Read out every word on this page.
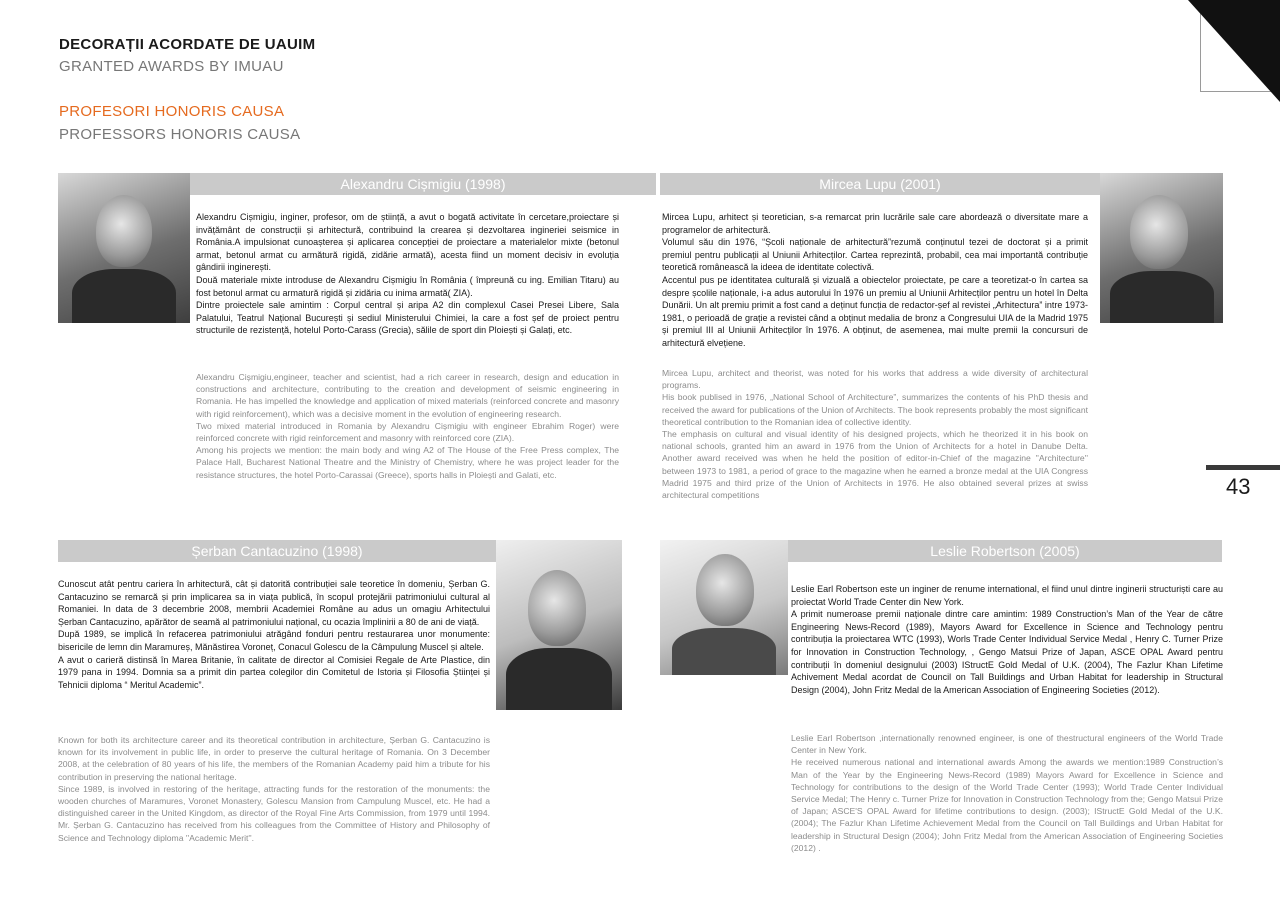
DECORAȚII ACORDATE DE UAUIM
GRANTED AWARDS BY IMUAU
PROFESORI HONORIS CAUSA
PROFESSORS HONORIS CAUSA
43
Alexandru Cișmigiu (1998)

Alexandru Cișmigiu, inginer, profesor, om de știință, a avut o bogată activitate în cercetare,proiectare și invățământ de construcții și arhitectură, contribuind la crearea și dezvoltarea ingineriei seismice in România.A impulsionat cunoașterea și aplicarea concepției de proiectare a materialelor mixte (betonul armat, betonul armat cu armătură rigidă, zidărie armată), acesta fiind un moment decisiv in evoluția gândirii inginerești.

Două materiale mixte introduse de Alexandru Cișmigiu în România ( împreună cu ing. Emilian Titaru) au fost betonul armat cu armatură rigidă și zidăria cu inima armată( ZIA).

Dintre proiectele sale amintim : Corpul central și aripa A2 din complexul Casei Presei Libere, Sala Palatului, Teatrul Național București și sediul Ministerului Chimiei, la care a fost șef de proiect pentru structurile de rezistență, hotelul Porto-Carass (Grecia), sălile de sport din Ploiești și Galați, etc.

Alexandru Cișmigiu,engineer, teacher and scientist, had a rich career in research, design and education in constructions and architecture, contributing to the creation and development of seismic engineering in Romania. He has impelled the knowledge and application of mixed materials (reinforced concrete and masonry with rigid reinforcement), which was a decisive moment in the evolution of engineering research.

Two mixed material introduced in Romania by Alexandru Cișmigiu with engineer Ebrahim Roger) were reinforced concrete with rigid reinforcement and masonry with reinforced core (ZIA).

Among his projects we mention: the main body and wing A2 of The House of the Free Press complex, The Palace Hall, Bucharest National Theatre and the Ministry of Chemistry, where he was project leader for the resistance structures, the hotel Porto-Carassai (Greece), sports halls in Ploiești and Galati, etc.

Mircea Lupu (2001)

Mircea Lupu, arhitect și teoretician, s-a remarcat prin lucrările sale care abordează o diversitate mare a programelor de arhitectură.

Volumul său din 1976, “Școli naționale de arhitectură”rezumă conținutul tezei de doctorat și a primit premiul pentru publicații al Uniunii Arhitecților. Cartea reprezintă, probabil, cea mai importantă contribuție teoretică românească la ideea de identitate colectivă.

Accentul pus pe identitatea culturală și vizuală a obiectelor proiectate, pe care a teoretizat-o în cartea sa despre școlile naționale, i-a adus autorului în 1976 un premiu al Uniunii Arhitecților pentru un hotel în Delta Dunării. Un alt premiu primit a fost cand a deținut funcția de redactor-șef al revistei „Arhitectura” intre 1973-1981, o perioadă de grație a revistei când a obținut medalia de bronz a Congresului UIA de la Madrid 1975 și premiul III al Uniunii Arhitecților în 1976. A obținut, de asemenea, mai multe premii la concursuri de arhitectură elvețiene.

Mircea Lupu, architect and theorist, was noted for his works that address a wide diversity of architectural programs.

His book publised in 1976, „National School of Architecture”, summarizes the contents of his PhD thesis and received the award for publications of the Union of Architects. The book represents probably the most significant theoretical contribution to the Romanian idea of collective identity.

The emphasis on cultural and visual identity of his designed projects, which he theorized it in his book on national schools, granted him an award in 1976 from the Union of Architects for a hotel in Danube Delta. Another award received was when he held the position of editor-in-Chief of the magazine ''Architecture'' between 1973 to 1981, a period of grace to the magazine when he earned a bronze medal at the UIA Congress Madrid 1975 and third prize of the Union of Architects in 1976. He also obtained several prizes at swiss architectural competitions

Șerban Cantacuzino (1998)

Cunoscut atât pentru cariera în arhitectură, cât și datorită contribuției sale teoretice în domeniu, Șerban G. Cantacuzino se remarcă și prin implicarea sa in viața publică, în scopul protejării patrimoniului cultural al Romaniei. In data de 3 decembrie 2008, membrii Academiei Române au adus un omagiu Arhitectului Șerban Cantacuzino, apărător de seamă al patrimoniului național, cu ocazia împlinirii a 80 de ani de viață.

După 1989, se implică în refacerea patrimoniului atrăgând fonduri pentru restaurarea unor monumente: bisericile de lemn din Maramureș, Mănăstirea Voroneț, Conacul Golescu de la Câmpulung Muscel și altele.

A avut o carieră distinsă în Marea Britanie, în calitate de director al Comisiei Regale de Arte Plastice, din 1979 pana in 1994. Domnia sa a primit din partea colegilor din Comitetul de Istoria și Filosofia Științei și Tehnicii diploma “ Meritul Academic”.

Known for both its architecture career and its theoretical contribution in architecture, Șerban G. Cantacuzino is known for its involvement in public life, in order to preserve the cultural heritage of Romania. On 3 December 2008, at the celebration of 80 years of his life, the members of the Romanian Academy paid him a tribute for his contribution in preserving the national heritage.

Since 1989, is involved in restoring of the heritage, attracting funds for the restoration of the monuments: the wooden churches of Maramures, Voronet Monastery, Golescu Mansion from Campulung Muscel, etc. He had a distinguished career in the United Kingdom, as director of the Royal Fine Arts Commission, from 1979 until 1994. Mr. Șerban G. Cantacuzino has received from his colleagues from the Committee of History and Philosophy of Science and Technology diploma ''Academic Merit''.

Leslie Robertson (2005)

Leslie Earl Robertson este un inginer de renume international, el fiind unul dintre inginerii structuriști care au proiectat World Trade Center din New York.

A primit numeroase premii naționale dintre care amintim: 1989 Construction’s Man of the Year de către Engineering News-Record (1989), Mayors Award for Excellence in Science and Technology pentru contribuția la proiectarea WTC (1993), Worls Trade Center Individual Service Medal , Henry C. Turner Prize for Innovation in Construction Technology, , Gengo Matsui Prize of Japan, ASCE OPAL Award pentru contribuții în domeniul designului (2003) IStructE Gold Medal of U.K. (2004), The Fazlur Khan Lifetime Achivement Medal acordat de Council on Tall Buildings and Urban Habitat for leadership in Structural Design (2004), John Fritz Medal de la American Association of Engineering Societies (2012).

Leslie Earl Robertson ,internationally renowned engineer, is one of thestructural engineers of the World Trade Center in New York.

He received numerous national and international awards Among the awards we mention:1989 Construction’s Man of the Year by the Engineering News-Record (1989) Mayors Award for Excellence in Science and Technology for contributions to the design of the World Trade Center (1993); World Trade Center Individual Service Medal; The Henry c. Turner Prize for Innovation in Construction Technology from the; Gengo Matsui Prize of Japan; ASCE'S OPAL Award for lifetime contributions to design. (2003); IStructE Gold Medal of the U.K. (2004); The Fazlur Khan Lifetime Achievement Medal from the Council on Tall Buildings and Urban Habitat for leadership in Structural Design (2004); John Fritz Medal from the American Association of Engineering Societies (2012) .
